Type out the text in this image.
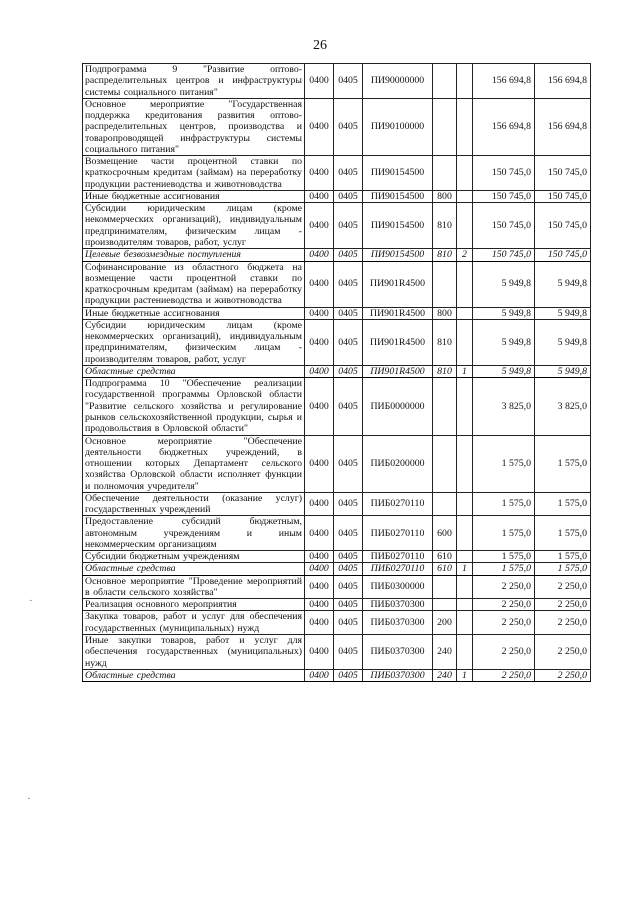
26
Подпрограмма 9 "Развитие оптово-распределительных центров и инфраструктуры системы социального питания"	0400	0405	ПИ90000000			156 694,8	156 694,8
Основное мероприятие "Государственная поддержка кредитования развития оптово-распределительных центров, производства и товаропроводящей инфраструктуры системы социального питания"	0400	0405	ПИ90100000			156 694,8	156 694,8
Возмещение части процентной ставки по краткосрочным кредитам (займам) на переработку продукции растениеводства и животноводства	0400	0405	ПИ90154500			150 745,0	150 745,0
Иные бюджетные ассигнования	0400	0405	ПИ90154500	800		150 745,0	150 745,0
Субсидии юридическим лицам (кроме некоммерческих организаций), индивидуальным предпринимателям, физическим лицам - производителям товаров, работ, услуг	0400	0405	ПИ90154500	810		150 745,0	150 745,0
Целевые безвозмездные поступления	0400	0405	ПИ90154500	810	2	150 745,0	150 745,0
Софинансирование из областного бюджета на возмещение части процентной ставки по краткосрочным кредитам (займам) на переработку продукции растениеводства и животноводства	0400	0405	ПИ901R4500			5 949,8	5 949,8
Иные бюджетные ассигнования	0400	0405	ПИ901R4500	800		5 949,8	5 949,8
Субсидии юридическим лицам (кроме некоммерческих организаций), индивидуальным предпринимателям, физическим лицам - производителям товаров, работ, услуг	0400	0405	ПИ901R4500	810		5 949,8	5 949,8
Областные средства	0400	0405	ПИ901R4500	810	1	5 949,8	5 949,8
Подпрограмма 10 "Обеспечение реализации государственной программы Орловской области "Развитие сельского хозяйства и регулирование рынков сельскохозяйственной продукции, сырья и продовольствия в Орловской области"	0400	0405	ПИБ0000000			3 825,0	3 825,0
Основное мероприятие "Обеспечение деятельности бюджетных учреждений, в отношении которых Департамент сельского хозяйства Орловской области исполняет функции и полномочия учредителя"	0400	0405	ПИБ0200000			1 575,0	1 575,0
Обеспечение деятельности (оказание услуг) государственных учреждений	0400	0405	ПИБ0270110			1 575,0	1 575,0
Предоставление субсидий бюджетным, автономным учреждениям и иным некоммерческим организациям	0400	0405	ПИБ0270110	600		1 575,0	1 575,0
Субсидии бюджетным учреждениям	0400	0405	ПИБ0270110	610		1 575,0	1 575,0
Областные средства	0400	0405	ПИБ0270110	610	1	1 575,0	1 575,0
Основное мероприятие "Проведение мероприятий в области сельского хозяйства"	0400	0405	ПИБ0300000			2 250,0	2 250,0
Реализация основного мероприятия	0400	0405	ПИБ0370300			2 250,0	2 250,0
Закупка товаров, работ и услуг для обеспечения государственных (муниципальных) нужд	0400	0405	ПИБ0370300	200		2 250,0	2 250,0
Иные закупки товаров, работ и услуг для обеспечения государственных (муниципальных) нужд	0400	0405	ПИБ0370300	240		2 250,0	2 250,0
Областные средства	0400	0405	ПИБ0370300	240	1	2 250,0	2 250,0
·
·
